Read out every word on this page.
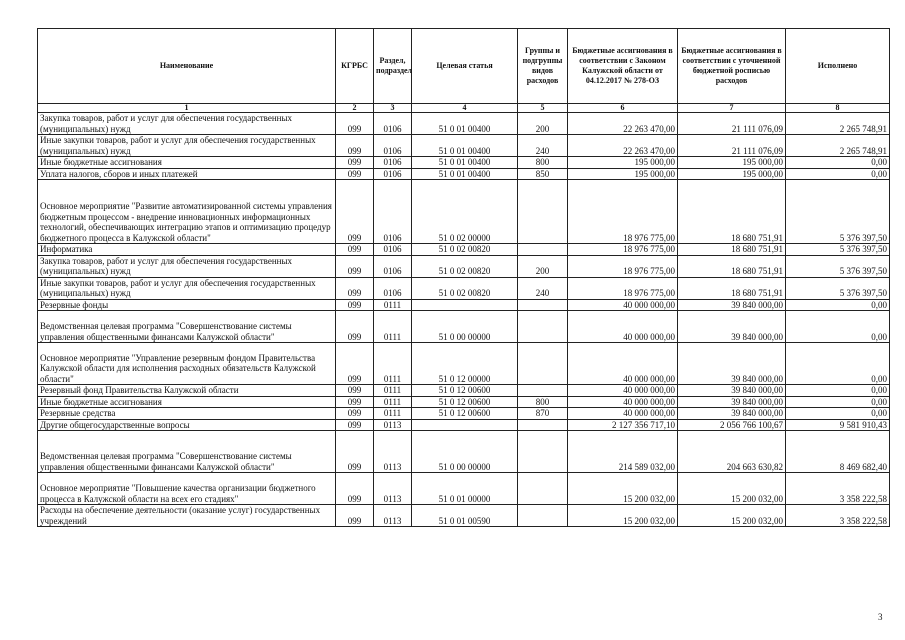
Наименование	КГРБС	Раздел, подраздел	Целевая статья	Группы и подгруппы видов расходов	Бюджетные ассигнования в соответствии с Законом Калужской области от 04.12.2017 № 278-ОЗ	Бюджетные ассигнования в соответствии с уточненной бюджетной росписью расходов	Исполнено
1	2	3	4	5	6	7	8
Закупка товаров, работ и услуг для обеспечения государственных (муниципальных) нужд	099	0106	51 0 01 00400	200	22 263 470,00	21 111 076,09	2 265 748,91
Иные закупки товаров, работ и услуг для обеспечения государственных (муниципальных) нужд	099	0106	51 0 01 00400	240	22 263 470,00	21 111 076,09	2 265 748,91
Иные бюджетные ассигнования	099	0106	51 0 01 00400	800	195 000,00	195 000,00	0,00
Уплата налогов, сборов и иных платежей	099	0106	51 0 01 00400	850	195 000,00	195 000,00	0,00
Основное мероприятие "Развитие автоматизированной системы управления бюджетным процессом - внедрение инновационных информационных технологий, обеспечивающих интеграцию этапов и оптимизацию процедур бюджетного процесса в Калужской области"	099	0106	51 0 02 00000		18 976 775,00	18 680 751,91	5 376 397,50
Информатика	099	0106	51 0 02 00820		18 976 775,00	18 680 751,91	5 376 397,50
Закупка товаров, работ и услуг для обеспечения государственных (муниципальных) нужд	099	0106	51 0 02 00820	200	18 976 775,00	18 680 751,91	5 376 397,50
Иные закупки товаров, работ и услуг для обеспечения государственных (муниципальных) нужд	099	0106	51 0 02 00820	240	18 976 775,00	18 680 751,91	5 376 397,50
Резервные фонды	099	0111			40 000 000,00	39 840 000,00	0,00
Ведомственная целевая программа "Совершенствование системы управления общественными финансами Калужской области"	099	0111	51 0 00 00000		40 000 000,00	39 840 000,00	0,00
Основное мероприятие "Управление резервным фондом Правительства Калужской области для исполнения расходных обязательств Калужской области"	099	0111	51 0 12 00000		40 000 000,00	39 840 000,00	0,00
Резервный фонд Правительства Калужской области	099	0111	51 0 12 00600		40 000 000,00	39 840 000,00	0,00
Иные бюджетные ассигнования	099	0111	51 0 12 00600	800	40 000 000,00	39 840 000,00	0,00
Резервные средства	099	0111	51 0 12 00600	870	40 000 000,00	39 840 000,00	0,00
Другие общегосударственные вопросы	099	0113			2 127 356 717,10	2 056 766 100,67	9 581 910,43
Ведомственная целевая программа "Совершенствование системы управления общественными финансами Калужской области"	099	0113	51 0 00 00000		214 589 032,00	204 663 630,82	8 469 682,40
Основное мероприятие "Повышение качества организации бюджетного процесса в Калужской области на всех его стадиях"	099	0113	51 0 01 00000		15 200 032,00	15 200 032,00	3 358 222,58
Расходы на обеспечение деятельности (оказание услуг) государственных учреждений	099	0113	51 0 01 00590		15 200 032,00	15 200 032,00	3 358 222,58
3
